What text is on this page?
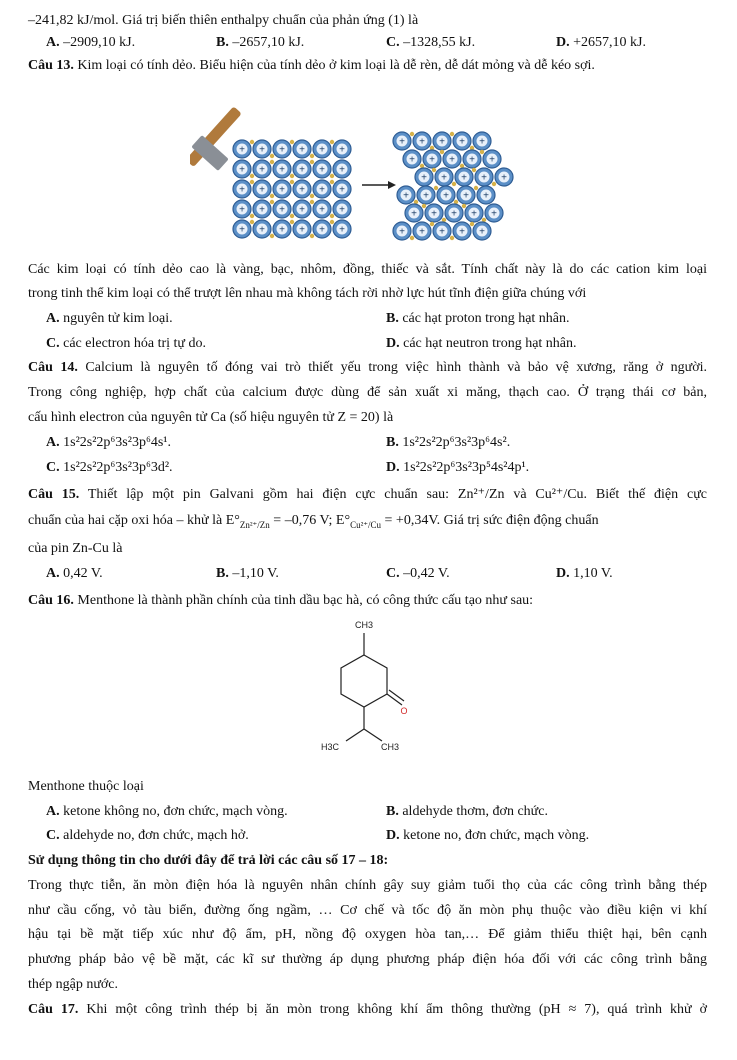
–241,82 kJ/mol. Giá trị biến thiên enthalpy chuẩn của phản ứng (1) là
A. –2909,10 kJ.	B. –2657,10 kJ.	C. –1328,55 kJ.	D. +2657,10 kJ.
Câu 13. Kim loại có tính dẻo. Biểu hiện của tính dẻo ở kim loại là dễ rèn, dễ dát mỏng và dễ kéo sợi.
+ + + + + +
+ + + + + +
+ + + + + +
+ + + + + +
+ + + + + +
+ + + + +
+ + + + +
+ + + + +
+ + + + +
+ + + + +
+ + + + +
Các kim loại có tính dẻo cao là vàng, bạc, nhôm, đồng, thiếc và sắt. Tính chất này là do các cation kim loại
trong tinh thể kim loại có thể trượt lên nhau mà không tách rời nhờ lực hút tĩnh điện giữa chúng với
A. nguyên tử kim loại.	B. các hạt proton trong hạt nhân.
C. các electron hóa trị tự do.	D. các hạt neutron trong hạt nhân.
Câu 14. Calcium là nguyên tố đóng vai trò thiết yếu trong việc hình thành và bảo vệ xương, răng ở người.
Trong công nghiệp, hợp chất của calcium được dùng để sản xuất xi măng, thạch cao. Ở trạng thái cơ bản,
cấu hình electron của nguyên tử Ca (số hiệu nguyên tử Z = 20) là
A. 1s²2s²2p⁶3s²3p⁶4s¹.	B. 1s²2s²2p⁶3s²3p⁶4s².
C. 1s²2s²2p⁶3s²3p⁶3d².	D. 1s²2s²2p⁶3s²3p⁵4s²4p¹.
Câu 15. Thiết lập một pin Galvani gồm hai điện cực chuẩn sau: Zn²⁺/Zn và Cu²⁺/Cu. Biết thế điện cực
chuẩn của hai cặp oxi hóa – khử là $E^\circ_{Zn^{2+}/Zn} = -0,76$ V; $E^\circ_{Cu^{2+}/Cu} = +0,34V$. Giá trị sức điện động chuẩn
của pin Zn-Cu là
A. 0,42 V.	B. –1,10 V.	C. –0,42 V.	D. 1,10 V.
Câu 16. Menthone là thành phần chính của tinh dầu bạc hà, có công thức cấu tạo như sau:
CH3
O
H3C	CH3
Menthone thuộc loại
A. ketone không no, đơn chức, mạch vòng.	B. aldehyde thơm, đơn chức.
C. aldehyde no, đơn chức, mạch hở.	D. ketone no, đơn chức, mạch vòng.
Sử dụng thông tin cho dưới đây để trả lời các câu số 17 – 18:
Trong thực tiễn, ăn mòn điện hóa là nguyên nhân chính gây suy giảm tuổi thọ của các công trình bằng thép
như cầu cống, vỏ tàu biển, đường ống ngầm, … Cơ chế và tốc độ ăn mòn phụ thuộc vào điều kiện vi khí
hậu tại bề mặt tiếp xúc như độ ẩm, pH, nồng độ oxygen hòa tan,… Để giảm thiểu thiệt hại, bên cạnh
phương pháp bảo vệ bề mặt, các kĩ sư thường áp dụng phương pháp điện hóa đối với các công trình bằng
thép ngập nước.
Câu 17. Khi một công trình thép bị ăn mòn trong không khí ẩm thông thường (pH ≈ 7), quá trình khử ở
